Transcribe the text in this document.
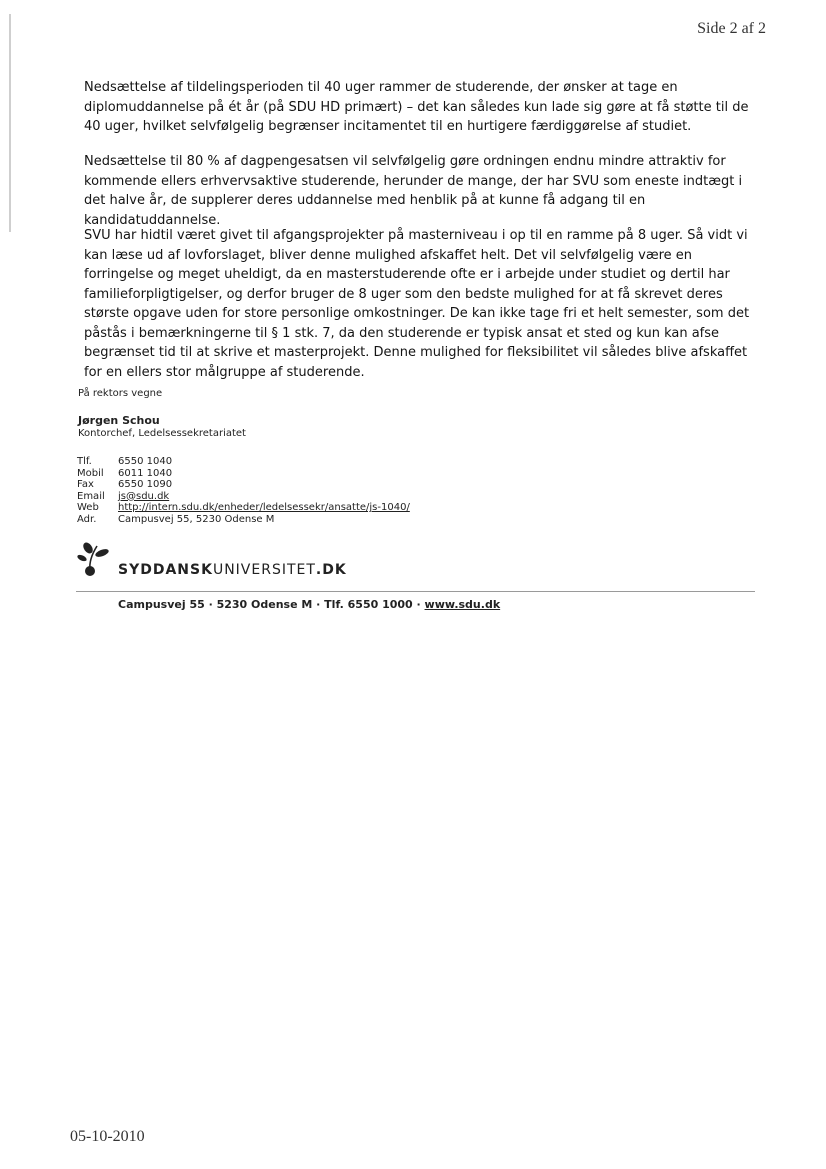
Side 2 af 2

Nedsættelse af tildelingsperioden til 40 uger rammer de studerende, der ønsker at tage en diplomuddannelse på ét år (på SDU HD primært) – det kan således kun lade sig gøre at få støtte til de 40 uger, hvilket selvfølgelig begrænser incitamentet til en hurtigere færdiggørelse af studiet.

Nedsættelse til 80 % af dagpengesatsen vil selvfølgelig gøre ordningen endnu mindre attraktiv for kommende ellers erhvervsaktive studerende, herunder de mange, der har SVU som eneste indtægt i det halve år, de supplerer deres uddannelse med henblik på at kunne få adgang til en kandidatuddannelse.

SVU har hidtil været givet til afgangsprojekter på masterniveau i op til en ramme på 8 uger. Så vidt vi kan læse ud af lovforslaget, bliver denne mulighed afskaffet helt. Det vil selvfølgelig være en forringelse og meget uheldigt, da en masterstuderende ofte er i arbejde under studiet og dertil har familieforpligtigelser, og derfor bruger de 8 uger som den bedste mulighed for at få skrevet deres største opgave uden for store personlige omkostninger. De kan ikke tage fri et helt semester, som det påstås i bemærkningerne til § 1 stk. 7, da den studerende er typisk ansat et sted og kun kan afse begrænset tid til at skrive et masterprojekt. Denne mulighed for fleksibilitet vil således blive afskaffet for en ellers stor målgruppe af studerende.

På rektors vegne
Jørgen Schou
Kontorchef, Ledelsessekretariatet
Tlf.	6550 1040
Mobil	6011 1040
Fax	6550 1090
Email	js@sdu.dk
Web	http://intern.sdu.dk/enheder/ledelsessekr/ansatte/js-1040/
Adr.	Campusvej 55, 5230 Odense M
SYDDANSKUNIVERSITET.DK
Campusvej 55 · 5230 Odense M · Tlf. 6550 1000 · www.sdu.dk
05-10-2010
